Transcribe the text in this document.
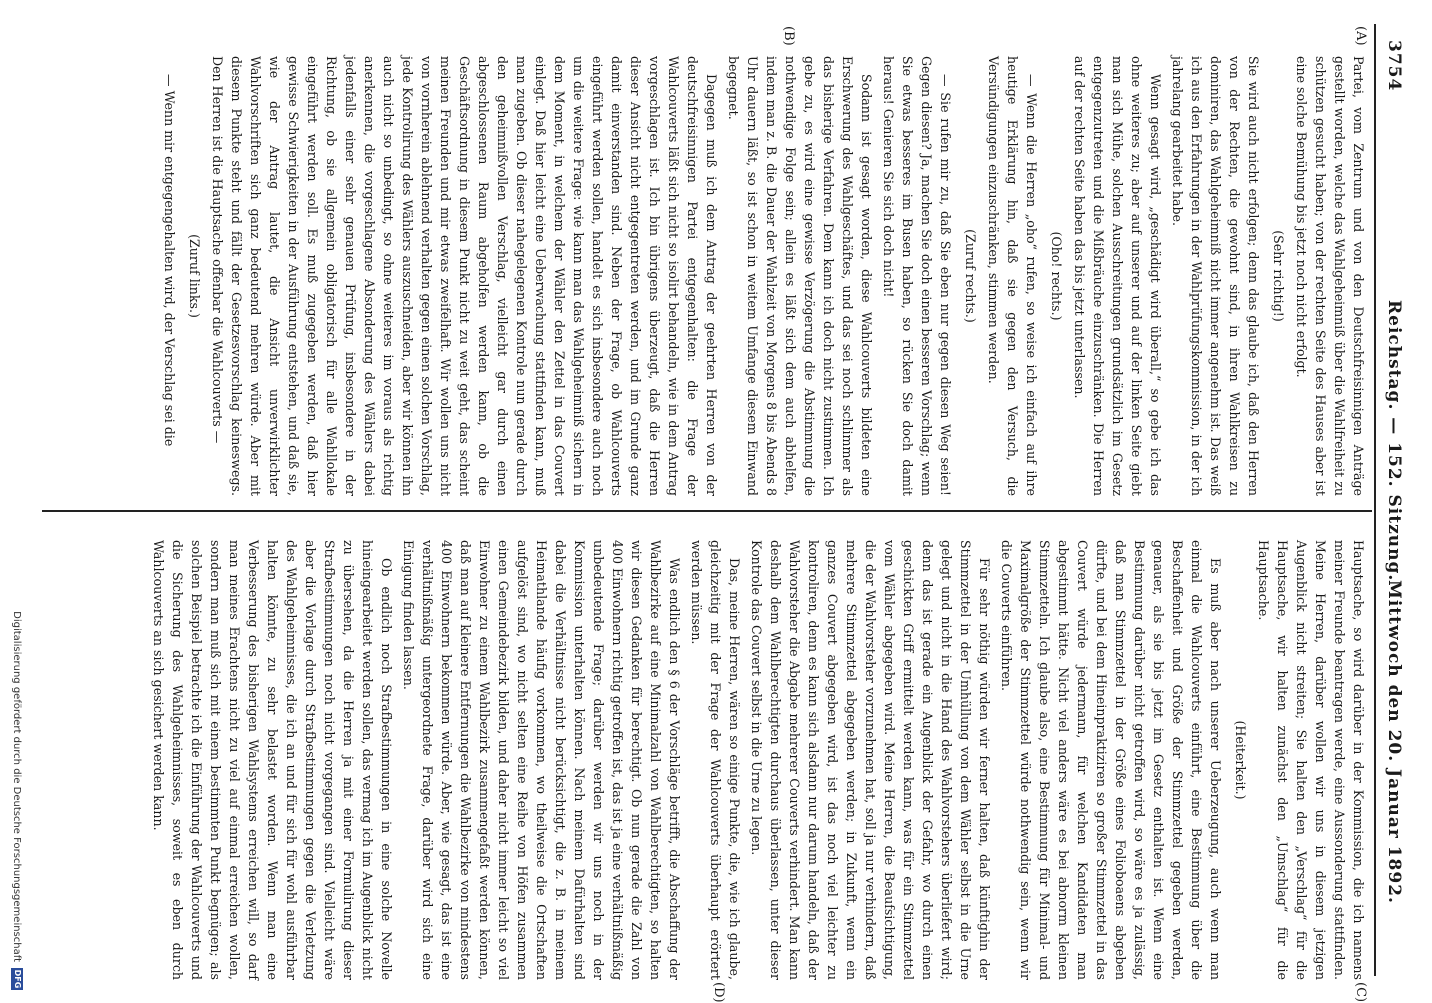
3754
Reichstag. — 152. Sitzung.
Mittwoch den 20. Januar 1892.
(A)
(B)
(C)
(D)

Partei, vom Zentrum und von den Deutschfreisinnigen Anträge gestellt worden, welche das Wahlgeheimniß über die Wahlfreiheit zu schützen gesucht haben; von der rechten Seite des Hauses aber ist eine solche Bemühung bis jetzt noch nicht erfolgt.

(Sehr richtig!)

Sie wird auch nicht erfolgen; denn das glaube ich, daß den Herren von der Rechten, die gewohnt sind, in ihren Wahlkreisen zu dominiren, das Wahlgeheimniß nicht immer angenehm ist. Das weiß ich aus den Erfahrungen in der Wahlprüfungskommission, in der ich jahrelang gearbeitet habe.

Wenn gesagt wird, „geschädigt wird überall,“ so gebe ich das ohne weiteres zu; aber auf unserer und auf der linken Seite giebt man sich Mühe, solchen Ausschreitungen grundsätzlich im Gesetz entgegenzutreten und die Mißbräuche einzuschränken. Die Herren auf der rechten Seite haben das bis jetzt unterlassen.

(Oho! rechts.)

— Wenn die Herren „oho“ rufen, so weise ich einfach auf ihre heutige Erklärung hin, daß sie gegen den Versuch, die Versündigungen einzuschränken, stimmen werden.

(Zuruf rechts.)

— Sie rufen mir zu, daß Sie eben nur gegen diesen Weg seien! Gegen diesen? Ja, machen Sie doch einen besseren Vorschlag; wenn Sie etwas besseres im Busen haben, so rücken Sie doch damit heraus! Genieren Sie sich doch nicht!

Sodann ist gesagt worden, diese Wahlcouverts bildeten eine Erschwerung des Wahlgeschäftes, und das sei noch schlimmer als das bisherige Verfahren. Dem kann ich doch nicht zustimmen. Ich gebe zu, es wird eine gewisse Verzögerung die Abstimmung die nothwendige Folge sein; allein es läßt sich dem auch abhelfen, indem man z. B. die Dauer der Wahlzeit von Morgens 8 bis Abends 8 Uhr dauern läßt, so ist schon in weitem Umfange diesem Einwand begegnet.

Dagegen muß ich dem Antrag der geehrten Herren von der deutschfreisinnigen Partei entgegenhalten: die Frage der Wahlcouverts läßt sich nicht so isolirt behandeln, wie in dem Antrag vorgeschlagen ist. Ich bin übrigens überzeugt, daß die Herren dieser Ansicht nicht entgegentreten werden, und im Grunde ganz damit einverstanden sind. Neben der Frage, ob Wahlcouverts eingeführt werden sollen, handelt es sich insbesondere auch noch um die weitere Frage: wie kann man das Wahlgeheimniß sichern in dem Moment, in welchem der Wähler den Zettel in das Couvert einlegt. Daß hier leicht eine Ueberwachung stattfinden kann, muß man zugeben. Ob dieser nahegelegenen Kontrole nun gerade durch den geheimnißvollen Verschlag, vielleicht gar durch einen abgeschlossenen Raum abgeholfen werden kann, ob die Geschäftsordnung in diesem Punkt nicht zu weit geht, das scheint meinen Freunden und mir etwas zweifelhaft. Wir wollen uns nicht von vornherein ablehnend verhalten gegen einen solchen Vorschlag, jede Kontrolirung des Wählers auszuschneiden, aber wir können ihn auch nicht so unbedingt, so ohne weiteres im voraus als richtig anerkennen, die vorgeschlagene Absonderung des Wählers dabei jedenfalls einer sehr genauen Prüfung, insbesondere in der Richtung, ob sie allgemein obligatorisch für alle Wahllokale eingeführt werden soll. Es muß zugegeben werden, daß hier gewisse Schwierigkeiten in der Ausführung entstehen, und daß sie, wie der Antrag lautet, die Ansicht unverwirklichter Wahlvorschriften sich ganz bedeutend mehren würde. Aber mit diesem Punkte steht und fällt der Gesetzesvorschlag keineswegs. Den Herren ist die Hauptsache offenbar die Wahlcouverts —

(Zuruf links.)

— Wenn mir entgegengehalten wird, der Verschlag sei die

Hauptsache, so wird darüber in der Kommission, die ich namens meiner Freunde beantragen werde, eine Aussonderung stattfinden. Meine Herren, darüber wollen wir uns in diesem jetzigen Augenblick nicht streiten; Sie halten den „Verschlag“ für die Hauptsache, wir halten zunächst den „Umschlag“ für die Hauptsache.

(Heiterkeit.)

Es muß aber nach unserer Ueberzeugung, auch wenn man einmal die Wahlcouverts einführt, eine Bestimmung über die Beschaffenheit und Größe der Stimmzettel gegeben werden, genauer, als sie bis jetzt im Gesetz enthalten ist. Wenn eine Bestimmung darüber nicht getroffen wird, so wäre es ja zulässig, daß man Stimmzettel in der Größe eines Folioboaens abgeben dürfte, und bei dem Hineinpraktiziren so großer Stimmzettel in das Couvert würde jedermann, für welchen Kandidaten man abgestimmt hätte. Nicht viel anders wäre es bei abnorm kleinen Stimmzetteln. Ich glaube also, eine Bestimmung für Minimal- und Maximalgröße der Stimmzettel würde nothwendig sein, wenn wir die Couverts einführen.

Für sehr nöthig würden wir ferner halten, daß künftighin der Stimmzettel in der Umhüllung von dem Wähler selbst in die Urne gelegt und nicht in die Hand des Wahlvorstehers überliefert wird; denn das ist gerade ein Augenblick der Gefahr, wo durch einen geschickten Griff ermittelt werden kann, was für ein Stimmzettel vom Wähler abgegeben wird. Meine Herren, die Beaufsichtigung, die der Wahlvorsteher vorzunehmen hat, soll ja nur verhindern, daß mehrere Stimmzettel abgegeben werden; in Zukunft, wenn ein ganzes Couvert abgegeben wird, ist das noch viel leichter zu kontroliren, denn es kann sich alsdann nur darum handeln, daß der Wahlvorsteher die Abgabe mehrerer Couverts verhindert. Man kann deshalb dem Wahlberechtigten durchaus überlassen, unter dieser Kontrole das Couvert selbst in die Urne zu legen.

Das, meine Herren, wären so einige Punkte, die, wie ich glaube, gleichzeitig mit der Frage der Wahlcouverts überhaupt erörtert werden müssen.

Was endlich den § 6 der Vorschläge betrifft, die Abschaffung der Wahlbezirke auf eine Minimalzahl von Wahlberechtigten, so halten wir diesen Gedanken für berechtigt. Ob nun gerade die Zahl von 400 Einwohnern richtig getroffen ist, das ist ja eine verhältnißmäßig unbedeutende Frage; darüber werden wir uns noch in der Kommission unterhalten können. Nach meinem Dafürhalten sind dabei die Verhältnisse nicht berücksichtigt, die z. B. in meinem Heimathlande häufig vorkommen, wo theilweise die Ortschaften aufgelöst sind, wo nicht selten eine Reihe von Höfen zusammen einen Gemeindebezirk bilden, und daher nicht immer leicht so viel Einwohner zu einem Wahlbezirk zusammengefaßt werden können, daß man auf kleinere Entfernungen die Wahlbezirke von mindestens 400 Einwohnern bekommen würde. Aber, wie gesagt, das ist eine verhältnißmäßig untergeordnete Frage, darüber wird sich eine Einigung finden lassen.

Ob endlich noch Strafbestimmungen in eine solche Novelle hineingearbeitet werden sollen, das vermag ich im Augenblick nicht zu übersehen, da die Herren ja mit einer Formulirung dieser Strafbestimmungen noch nicht vorgegangen sind. Vielleicht wäre aber die Vorlage durch Strafbestimmungen gegen die Verletzung des Wahlgeheimnisses, die ich an und für sich für wohl ausführbar halten könnte, zu sehr belastet worden. Wenn man eine Verbesserung des bisherigen Wahlsystems erreichen will, so darf man meines Erachtens nicht zu viel auf einmal erreichen wollen, sondern man muß sich mit einem bestimmten Punkt begnügen; als solchen Beispiel betrachte ich die Einführung der Wahlcouverts und die Sicherung des Wahlgeheimnisses, soweit es eben durch Wahlcouverts an sich gesichert werden kann.

Digitalisierung gefördert durch die Deutsche Forschungsgemeinschaft
DFG
